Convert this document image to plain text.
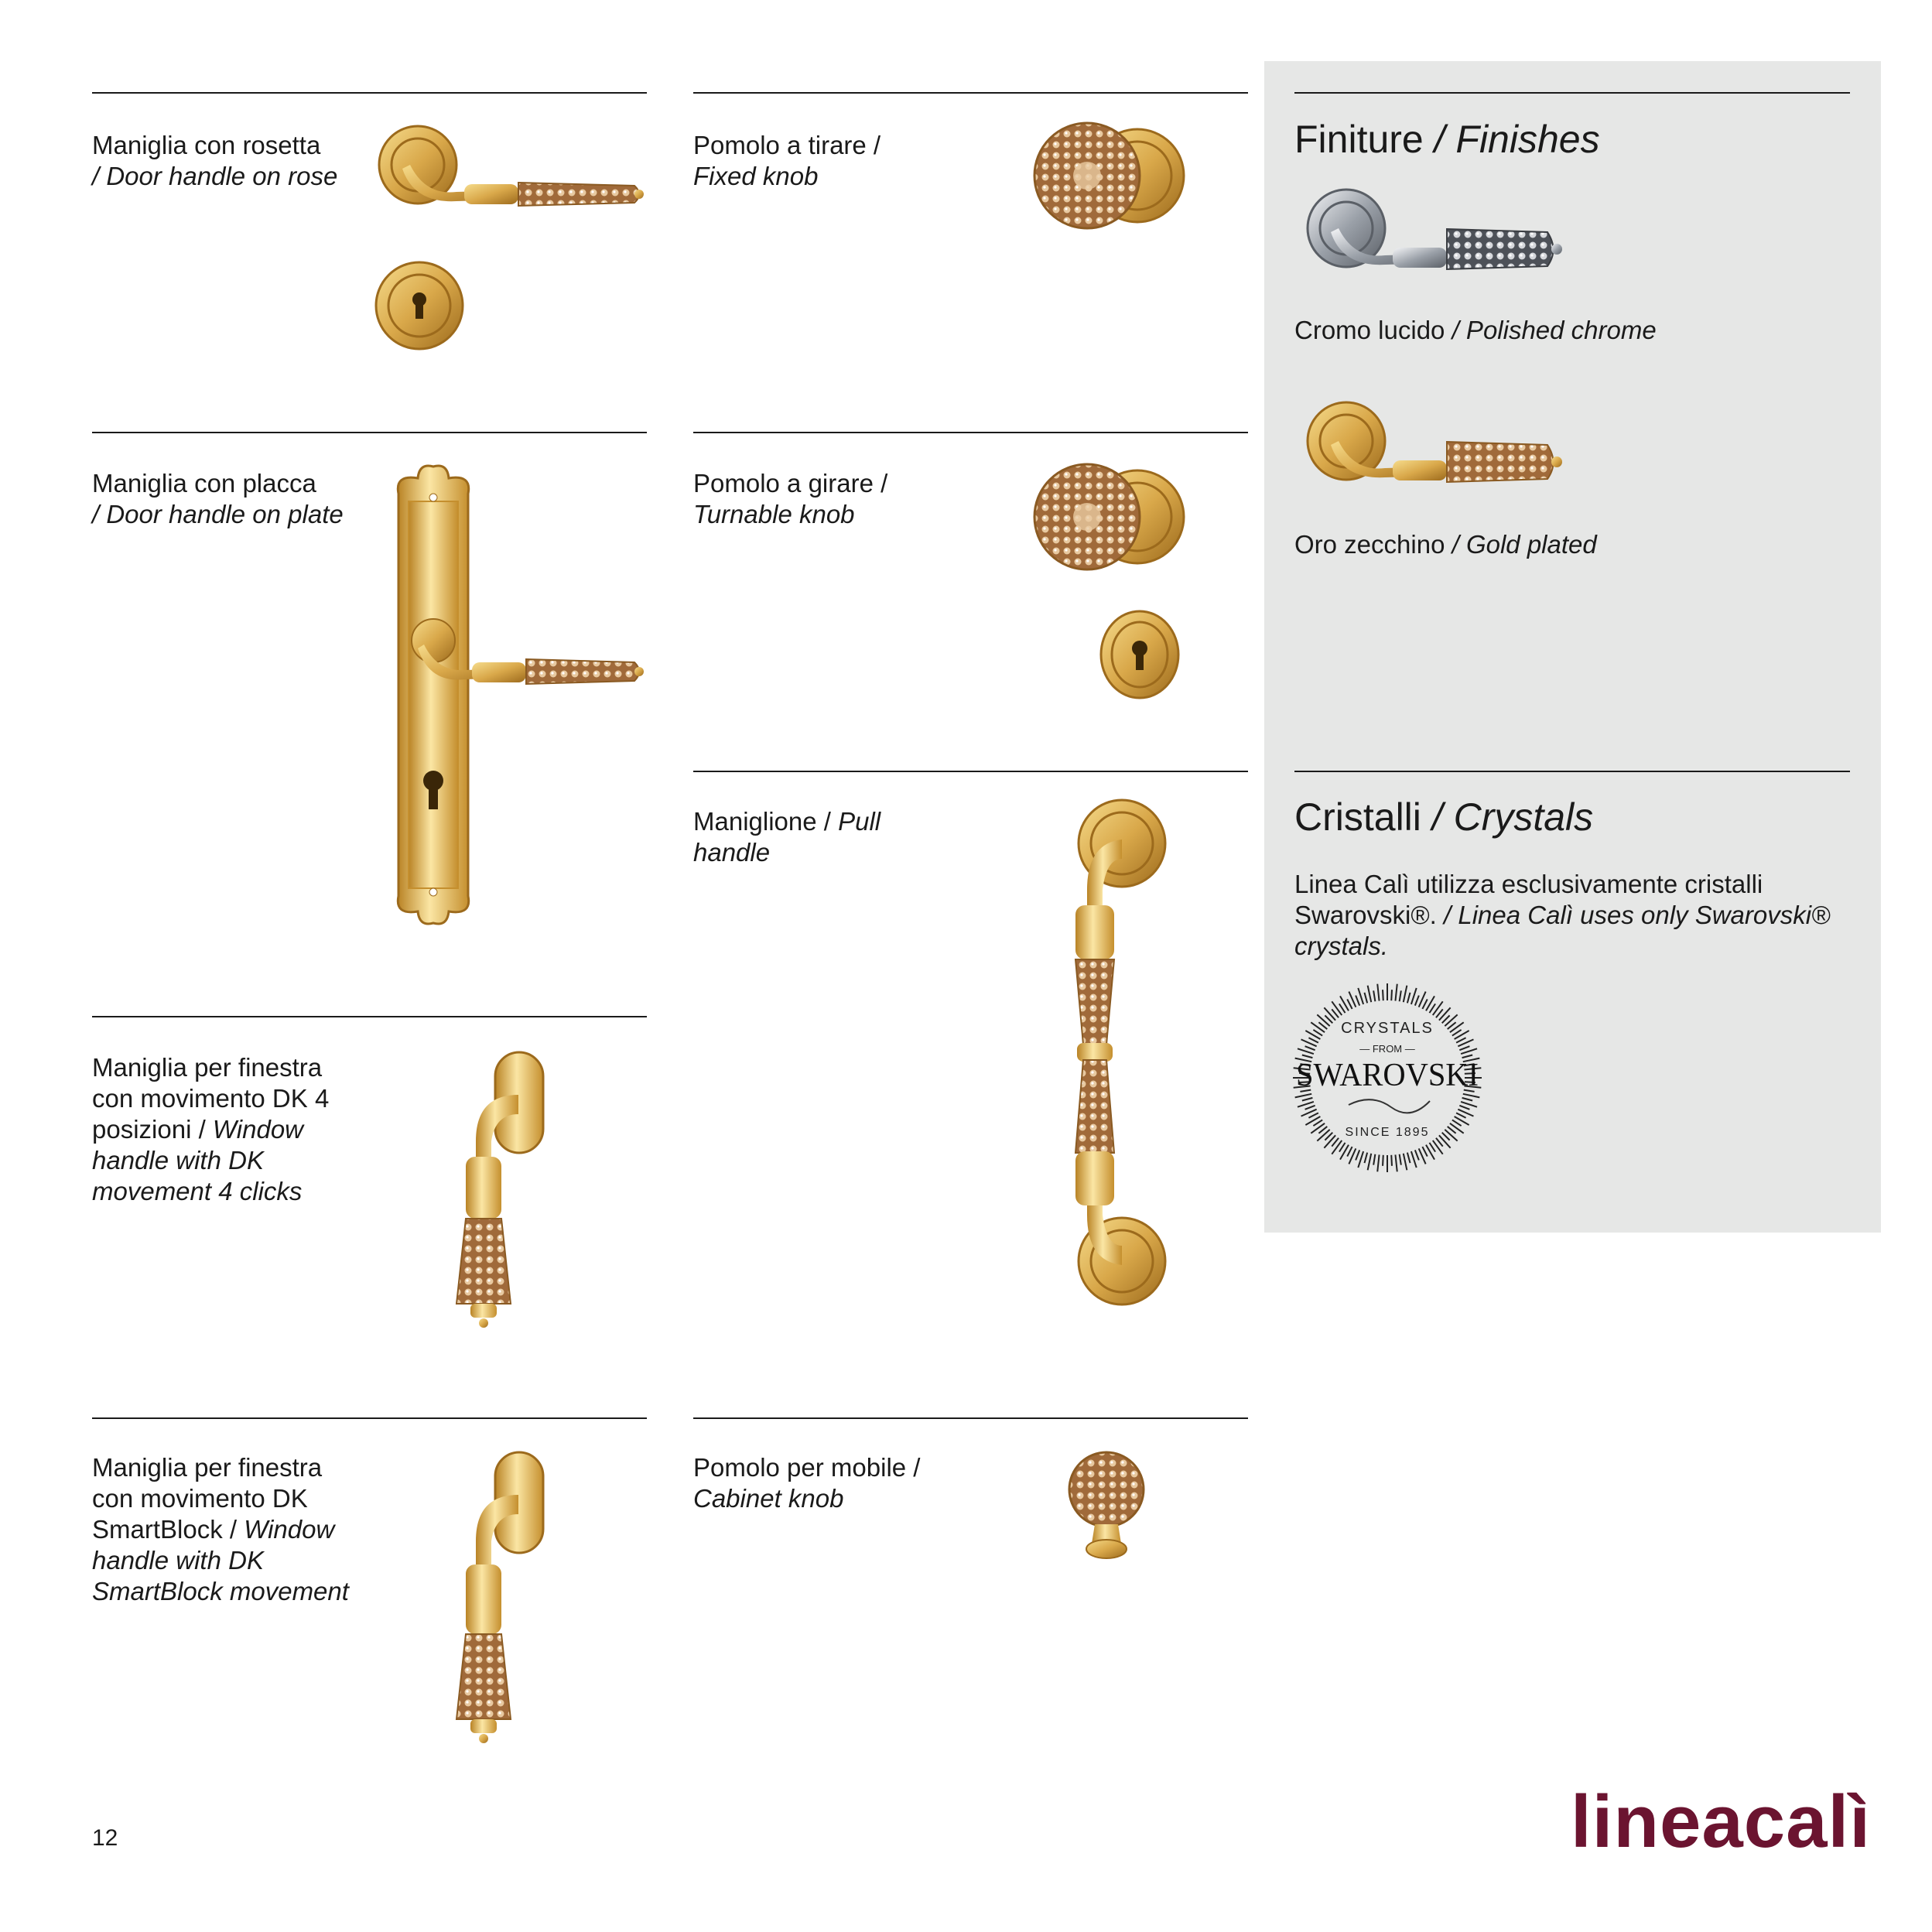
Maniglia con rosetta
/ Door handle on rose
Pomolo a tirare /
Fixed knob
Maniglia con placca
/ Door handle on plate
Pomolo a girare /
Turnable knob
Maniglione / Pull handle
Maniglia per finestra con movimento DK 4 posizioni / Window handle with DK movement 4 clicks
Maniglia per finestra con movimento DK SmartBlock / Window handle with DK SmartBlock movement
Pomolo per mobile /
Cabinet knob
Finiture / Finishes
Cromo lucido / Polished chrome
Oro zecchino / Gold plated
Cristalli / Crystals
Linea Calì utilizza esclusivamente cristalli Swarovski®. / Linea Calì uses only Swarovski® crystals.
CRYSTALS
— FROM —
SWAROVSKI
SINCE 1895
12	lineacalì
